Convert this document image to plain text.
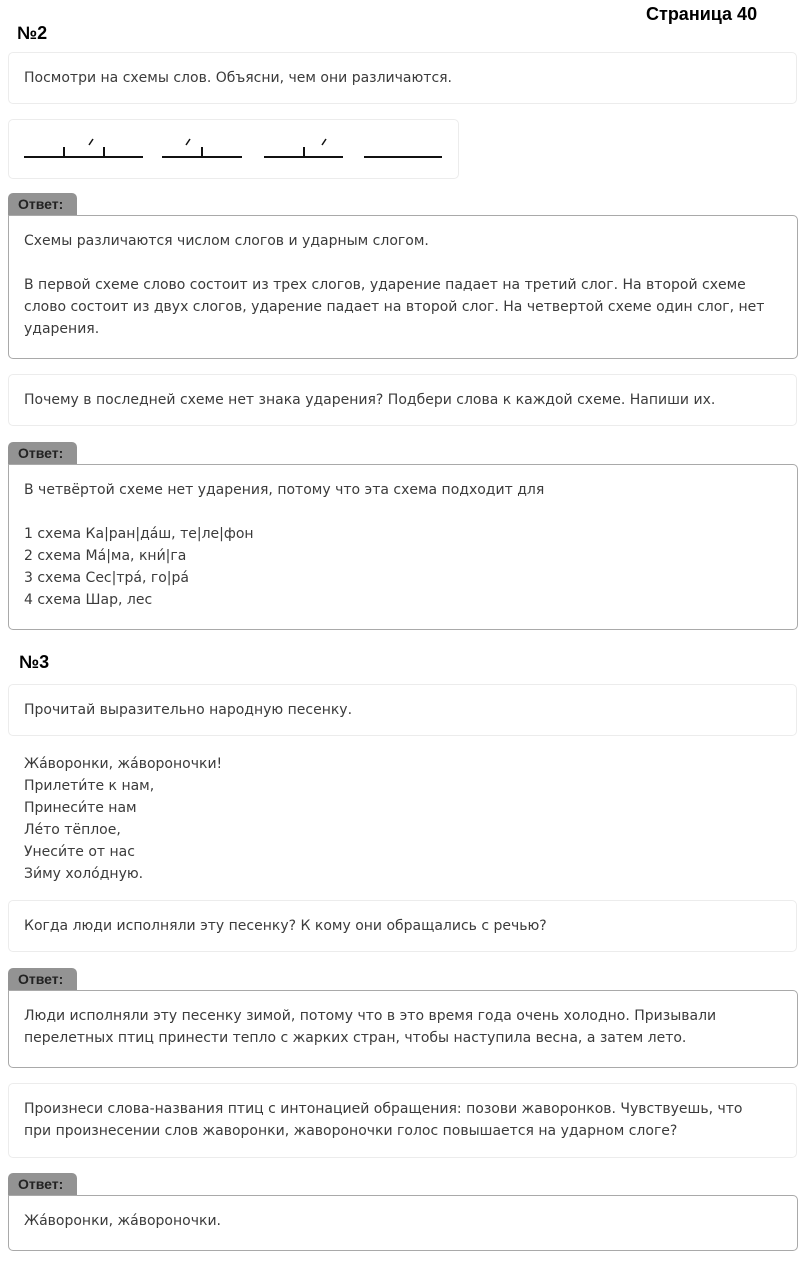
Страница 40
№2
Посмотри на схемы слов. Объясни, чем они различаются.
Ответ:
Схемы различаются числом слогов и ударным слогом.
В первой схеме слово состоит из трех слогов, ударение падает на третий слог. На второй схеме
слово состоит из двух слогов, ударение падает на второй слог. На четвертой схеме один слог, нет
ударения.
Почему в последней схеме нет знака ударения? Подбери слова к каждой схеме. Напиши их.
Ответ:
В четвёртой схеме нет ударения, потому что эта схема подходит для
1 схема Ка|ран|да́ш, те|ле|фон
2 схема Ма́|ма, кни́|га
3 схема Сес|тра́, го|ра́
4 схема Шар, лес
№3
Прочитай выразительно народную песенку.
Жа́воронки, жа́вороночки!
Прилети́те к нам,
Принеси́те нам
Ле́то тёплое,
Унеси́те от нас
Зи́му холо́дную.
Когда люди исполняли эту песенку? К кому они обращались с речью?
Ответ:
Люди исполняли эту песенку зимой, потому что в это время года очень холодно. Призывали
перелетных птиц принести тепло с жарких стран, чтобы наступила весна, а затем лето.
Произнеси слова-названия птиц с интонацией обращения: позови жаворонков. Чувствуешь, что
при произнесении слов жаворонки, жавороночки голос повышается на ударном слоге?
Ответ:
Жа́воронки, жа́вороночки.
